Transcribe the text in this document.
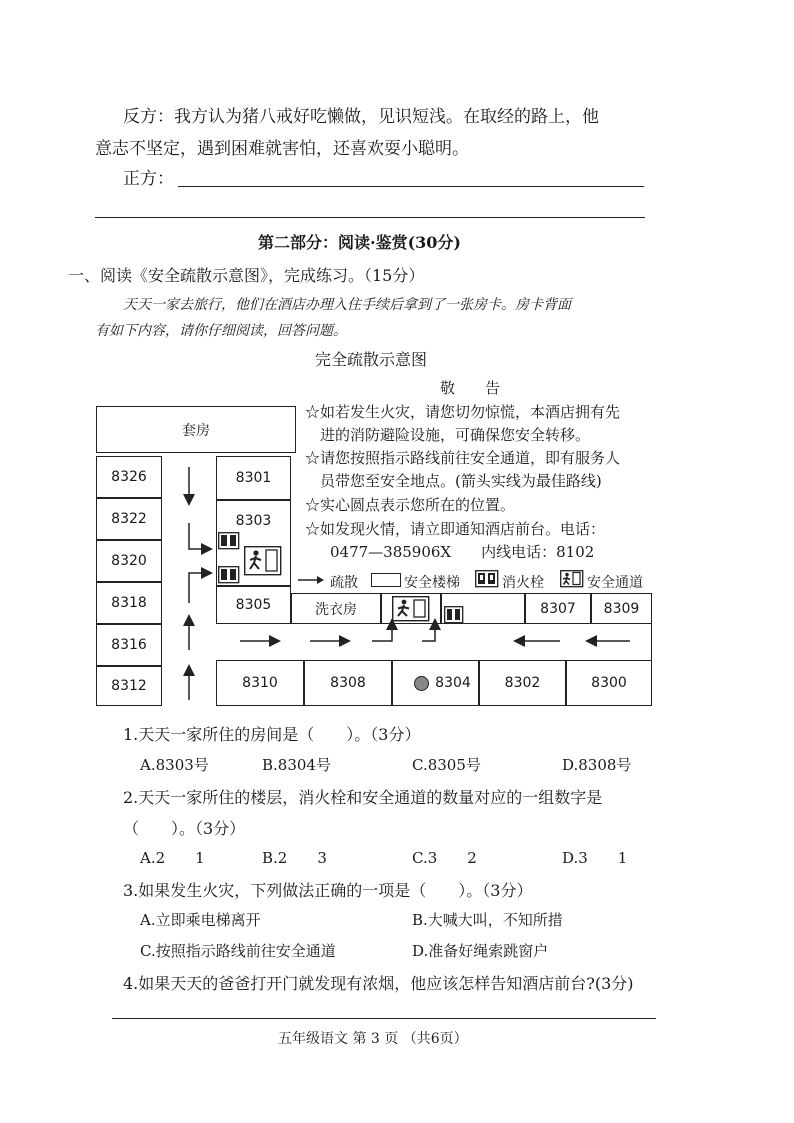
反方：我方认为猪八戒好吃懒做，见识短浅。在取经的路上，他
意志不坚定，遇到困难就害怕，还喜欢耍小聪明。
正方：
第二部分：阅读·鉴赏(30分)
一、阅读《安全疏散示意图》，完成练习。（15分）
天天一家去旅行，他们在酒店办理入住手续后拿到了一张房卡。房卡背面
有如下内容，请你仔细阅读，回答问题。
完全疏散示意图
敬　　告
☆如若发生火灾，请您切勿惊慌，本酒店拥有先
进的消防避险设施，可确保您安全转移。
☆请您按照指示路线前往安全通道，即有服务人
员带您至安全地点。(箭头实线为最佳路线)
☆实心圆点表示您所在的位置。
☆如发现火情，请立即通知酒店前台。电话：
0477—385906X　　内线电话：8102
疏散	安全楼梯	消火栓	安全通道
套房
8326
8322
8320
8318
8316
8312
8301
8303
8305	洗衣房	8307 8309
8310	8308	8304 8302	8300
1.天天一家所住的房间是（　　）。（3分）
A.8303号	B.8304号	C.8305号	D.8308号
2.天天一家所住的楼层，消火栓和安全通道的数量对应的一组数字是
（　　）。（3分）
A.2　　1	B.2　　3	C.3　　2	D.3　　1
3.如果发生火灾，下列做法正确的一项是（　　）。（3分）
A.立即乘电梯离开	B.大喊大叫，不知所措
C.按照指示路线前往安全通道	D.准备好绳索跳窗户
4.如果天天的爸爸打开门就发现有浓烟，他应该怎样告知酒店前台?(3分)
五年级语文 第 3 页 （共6页）
